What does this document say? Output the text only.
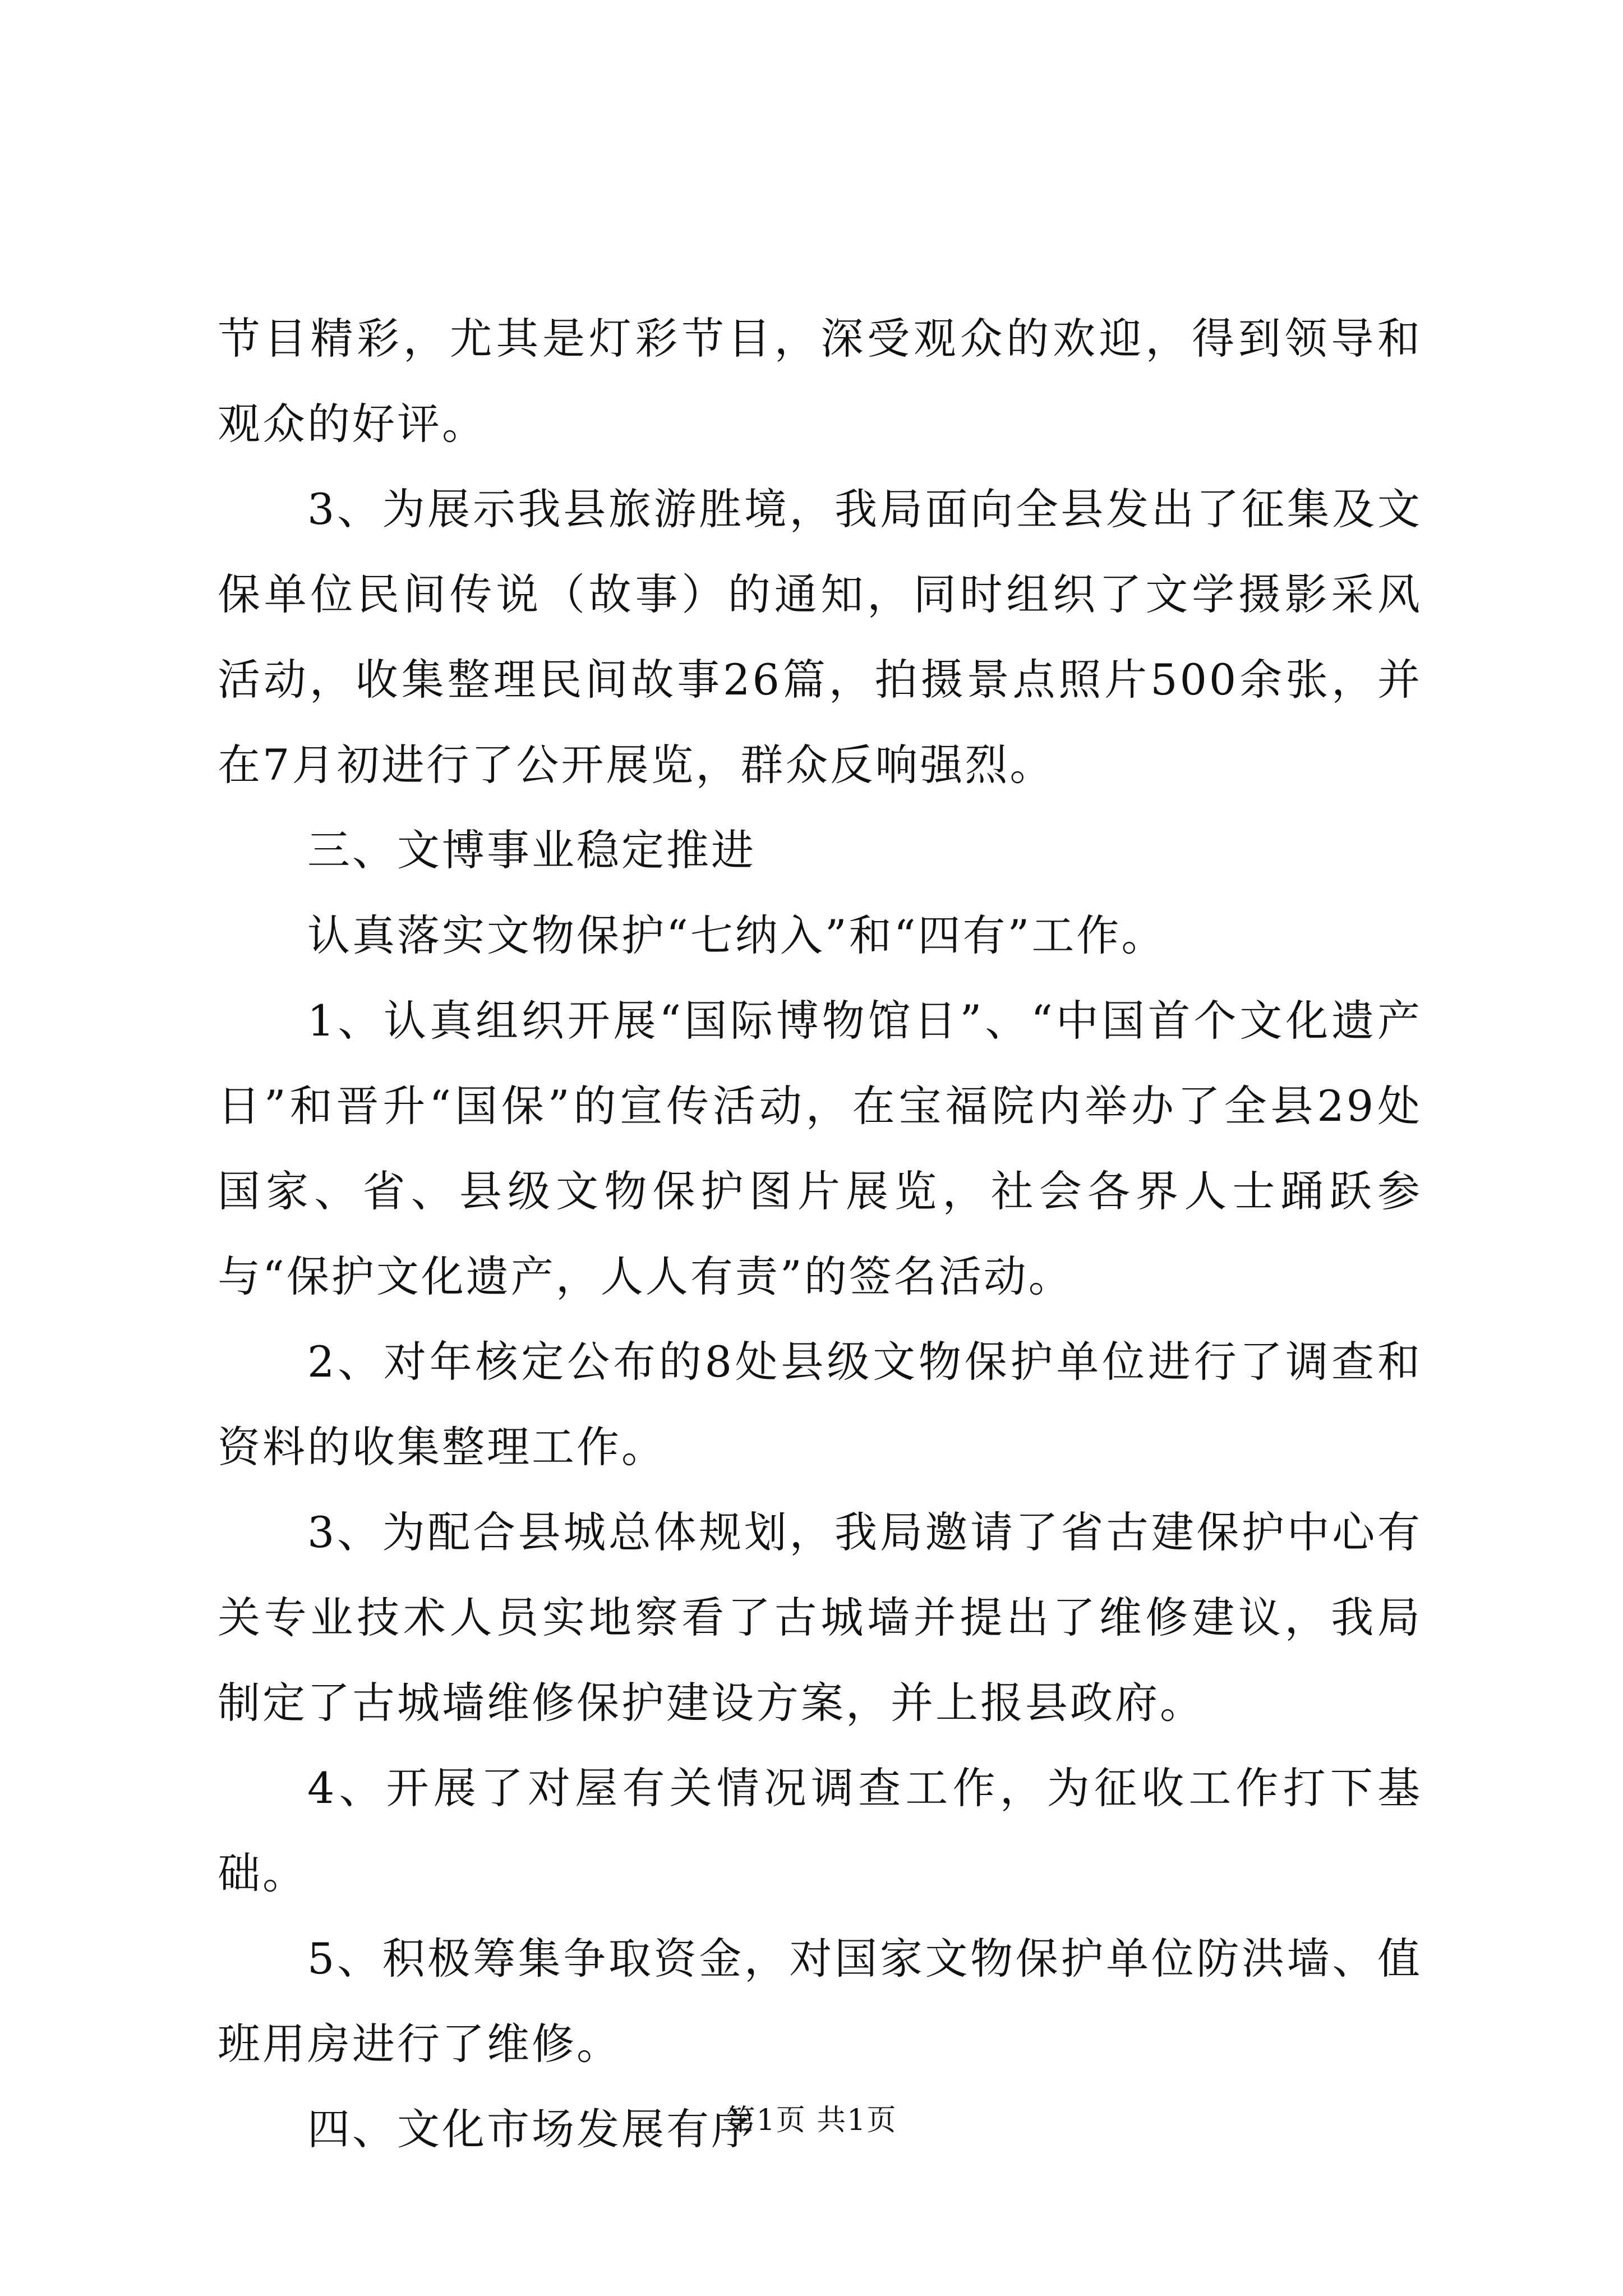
节目精彩，尤其是灯彩节目，深受观众的欢迎，得到领导和观众的好评。

3、为展示我县旅游胜境，我局面向全县发出了征集及文保单位民间传说（故事）的通知，同时组织了文学摄影采风活动，收集整理民间故事26篇，拍摄景点照片500余张，并在7月初进行了公开展览，群众反响强烈。

三、文博事业稳定推进

认真落实文物保护“七纳入”和“四有”工作。

1、认真组织开展“国际博物馆日”、“中国首个文化遗产日”和晋升“国保”的宣传活动，在宝福院内举办了全县29处国家、省、县级文物保护图片展览，社会各界人士踊跃参与“保护文化遗产，人人有责”的签名活动。

2、对年核定公布的8处县级文物保护单位进行了调查和资料的收集整理工作。

3、为配合县城总体规划，我局邀请了省古建保护中心有关专业技术人员实地察看了古城墙并提出了维修建议，我局制定了古城墙维修保护建设方案，并上报县政府。

4、开展了对屋有关情况调查工作，为征收工作打下基础。

5、积极筹集争取资金，对国家文物保护单位防洪墙、值班用房进行了维修。

四、文化市场发展有序

第1页 共1页
